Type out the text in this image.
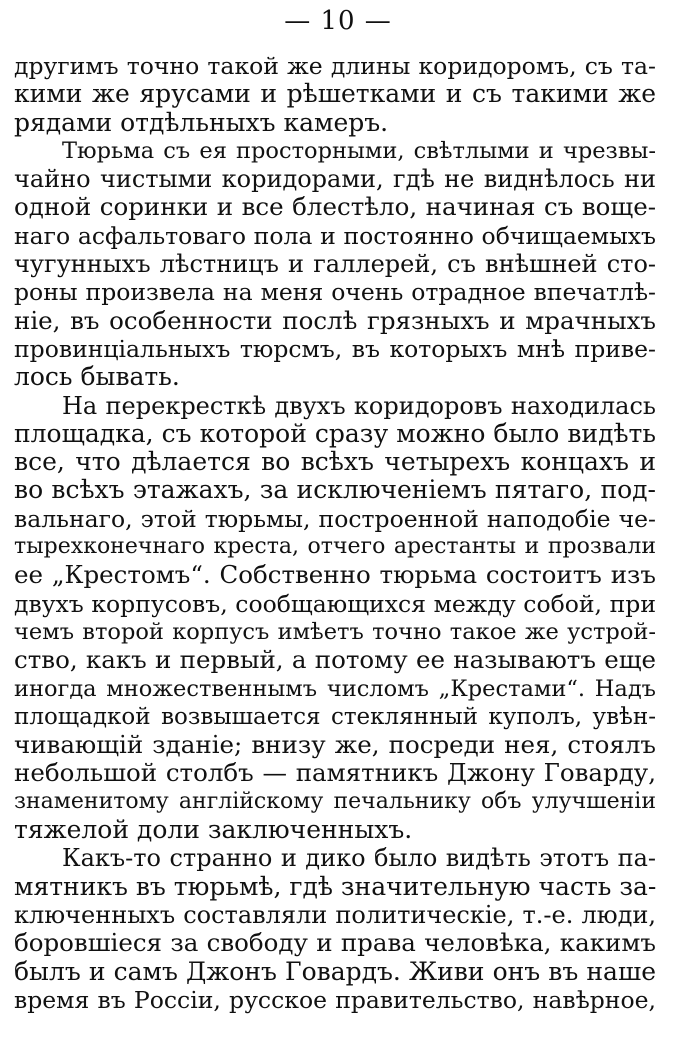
— 10 —
другимъ точно такой же длины коридоромъ, съ та-
кими же ярусами и рѣшетками и съ такими же
рядами отдѣльныхъ камеръ.
Тюрьма съ ея просторными, свѣтлыми и чрезвы-
чайно чистыми коридорами, гдѣ не виднѣлось ни
одной соринки и все блестѣло, начиная съ воще-
наго асфальтоваго пола и постоянно обчищаемыхъ
чугунныхъ лѣстницъ и галлерей, съ внѣшней сто-
роны произвела на меня очень отрадное впечатлѣ-
ніе, въ особенности послѣ грязныхъ и мрачныхъ
провинціальныхъ тюрсмъ, въ которыхъ мнѣ приве-
лось бывать.
На перекресткѣ двухъ коридоровъ находилась
площадка, съ которой сразу можно было видѣть
все, что дѣлается во всѣхъ четырехъ концахъ и
во всѣхъ этажахъ, за исключеніемъ пятаго, под-
вальнаго, этой тюрьмы, построенной наподобіе че-
тырехконечнаго креста, отчего арестанты и прозвали
ее „Крестомъ“. Собственно тюрьма состоитъ изъ
двухъ корпусовъ, сообщающихся между собой, при
чемъ второй корпусъ имѣетъ точно такое же устрой-
ство, какъ и первый, а потому ее называютъ еще
иногда множественнымъ числомъ „Крестами“. Надъ
площадкой возвышается стеклянный куполъ, увѣн-
чивающій зданіе; внизу же, посреди нея, стоялъ
небольшой столбъ — памятникъ Джону Говарду,
знаменитому англійскому печальнику объ улучшеніи
тяжелой доли заключенныхъ.
Какъ-то странно и дико было видѣть этотъ па-
мятникъ въ тюрьмѣ, гдѣ значительную часть за-
ключенныхъ составляли политическіе, т.-е. люди,
боровшіеся за свободу и права человѣка, какимъ
былъ и самъ Джонъ Говардъ. Живи онъ въ наше
время въ Россіи, русское правительство, навѣрное,
